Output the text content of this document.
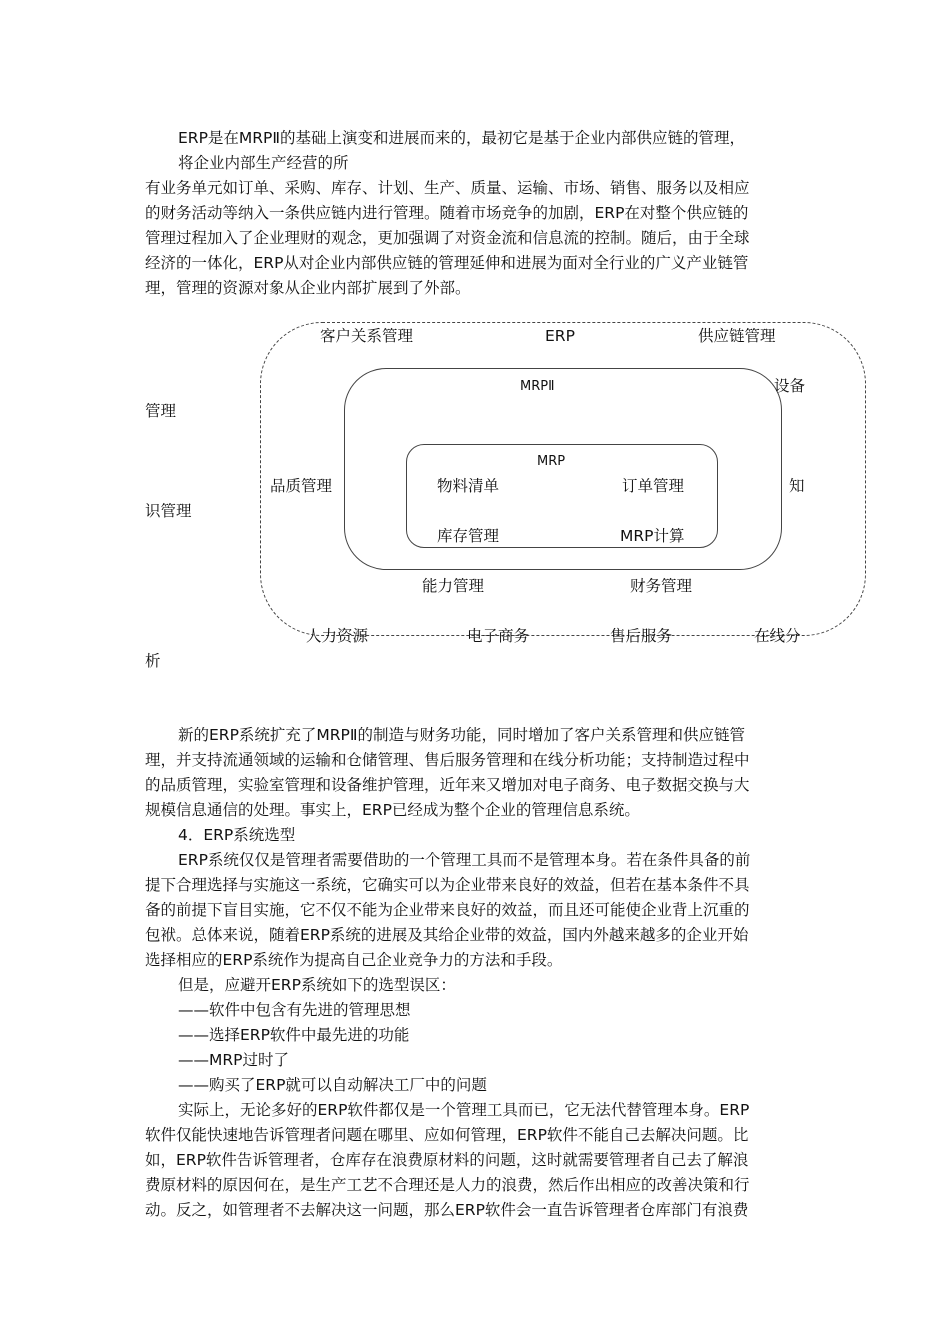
ERP是在MRPⅡ的基础上演变和进展而来的，最初它是基于企业内部供应链的管理，

将企业内部生产经营的所

有业务单元如订单、采购、库存、计划、生产、质量、运输、市场、销售、服务以及相应

的财务活动等纳入一条供应链内进行管理。随着市场竞争的加剧，ERP在对整个供应链的

管理过程加入了企业理财的观念，更加强调了对资金流和信息流的控制。随后，由于全球

经济的一体化，ERP从对企业内部供应链的管理延伸和进展为面对全行业的广义产业链管

理，管理的资源对象从企业内部扩展到了外部。

客户关系管理	ERP	供应链管理
MRPⅡ	设备
管理
MRP
品质管理	物料清单	订单管理	知
识管理
库存管理	MRP计算
能力管理	财务管理
人力资源	电子商务	售后服务	在线分
析

新的ERP系统扩充了MRPⅡ的制造与财务功能，同时增加了客户关系管理和供应链管

理，并支持流通领域的运输和仓储管理、售后服务管理和在线分析功能；支持制造过程中

的品质管理，实验室管理和设备维护管理，近年来又增加对电子商务、电子数据交换与大

规模信息通信的处理。事实上，ERP已经成为整个企业的管理信息系统。

4．ERP系统选型

ERP系统仅仅是管理者需要借助的一个管理工具而不是管理本身。若在条件具备的前

提下合理选择与实施这一系统，它确实可以为企业带来良好的效益，但若在基本条件不具

备的前提下盲目实施，它不仅不能为企业带来良好的效益，而且还可能使企业背上沉重的

包袱。总体来说，随着ERP系统的进展及其给企业带的效益，国内外越来越多的企业开始

选择相应的ERP系统作为提高自己企业竞争力的方法和手段。

但是，应避开ERP系统如下的选型误区：

——软件中包含有先进的管理思想

——选择ERP软件中最先进的功能

——MRP过时了

——购买了ERP就可以自动解决工厂中的问题

实际上，无论多好的ERP软件都仅是一个管理工具而已，它无法代替管理本身。ERP

软件仅能快速地告诉管理者问题在哪里、应如何管理，ERP软件不能自己去解决问题。比

如，ERP软件告诉管理者，仓库存在浪费原材料的问题，这时就需要管理者自己去了解浪

费原材料的原因何在，是生产工艺不合理还是人力的浪费，然后作出相应的改善决策和行

动。反之，如管理者不去解决这一问题，那么ERP软件会一直告诉管理者仓库部门有浪费
